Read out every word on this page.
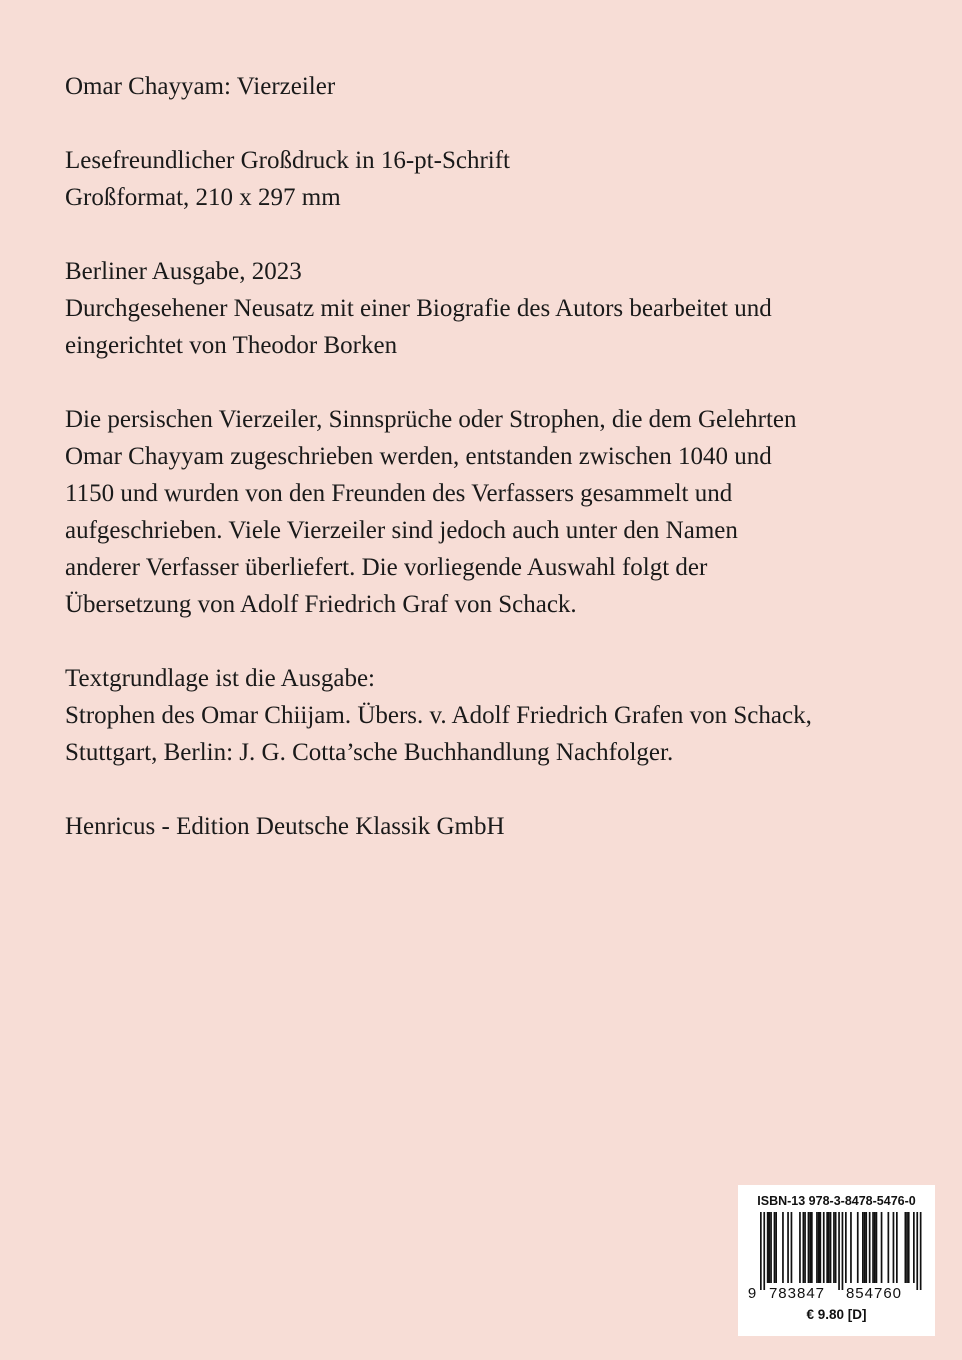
Omar Chayyam: Vierzeiler
Lesefreundlicher Großdruck in 16-pt-Schrift
Großformat, 210 x 297 mm
Berliner Ausgabe, 2023
Durchgesehener Neusatz mit einer Biografie des Autors bearbeitet und
eingerichtet von Theodor Borken
Die persischen Vierzeiler, Sinnsprüche oder Strophen, die dem Gelehrten
Omar Chayyam zugeschrieben werden, entstanden zwischen 1040 und
1150 und wurden von den Freunden des Verfassers gesammelt und
aufgeschrieben. Viele Vierzeiler sind jedoch auch unter den Namen
anderer Verfasser überliefert. Die vorliegende Auswahl folgt der
Übersetzung von Adolf Friedrich Graf von Schack.
Textgrundlage ist die Ausgabe:
Strophen des Omar Chiijam. Übers. v. Adolf Friedrich Grafen von Schack,
Stuttgart, Berlin: J. G. Cotta’sche Buchhandlung Nachfolger.
Henricus - Edition Deutsche Klassik GmbH
ISBN-13 978-3-8478-5476-0
9 783847 854760
€ 9.80 [D]
